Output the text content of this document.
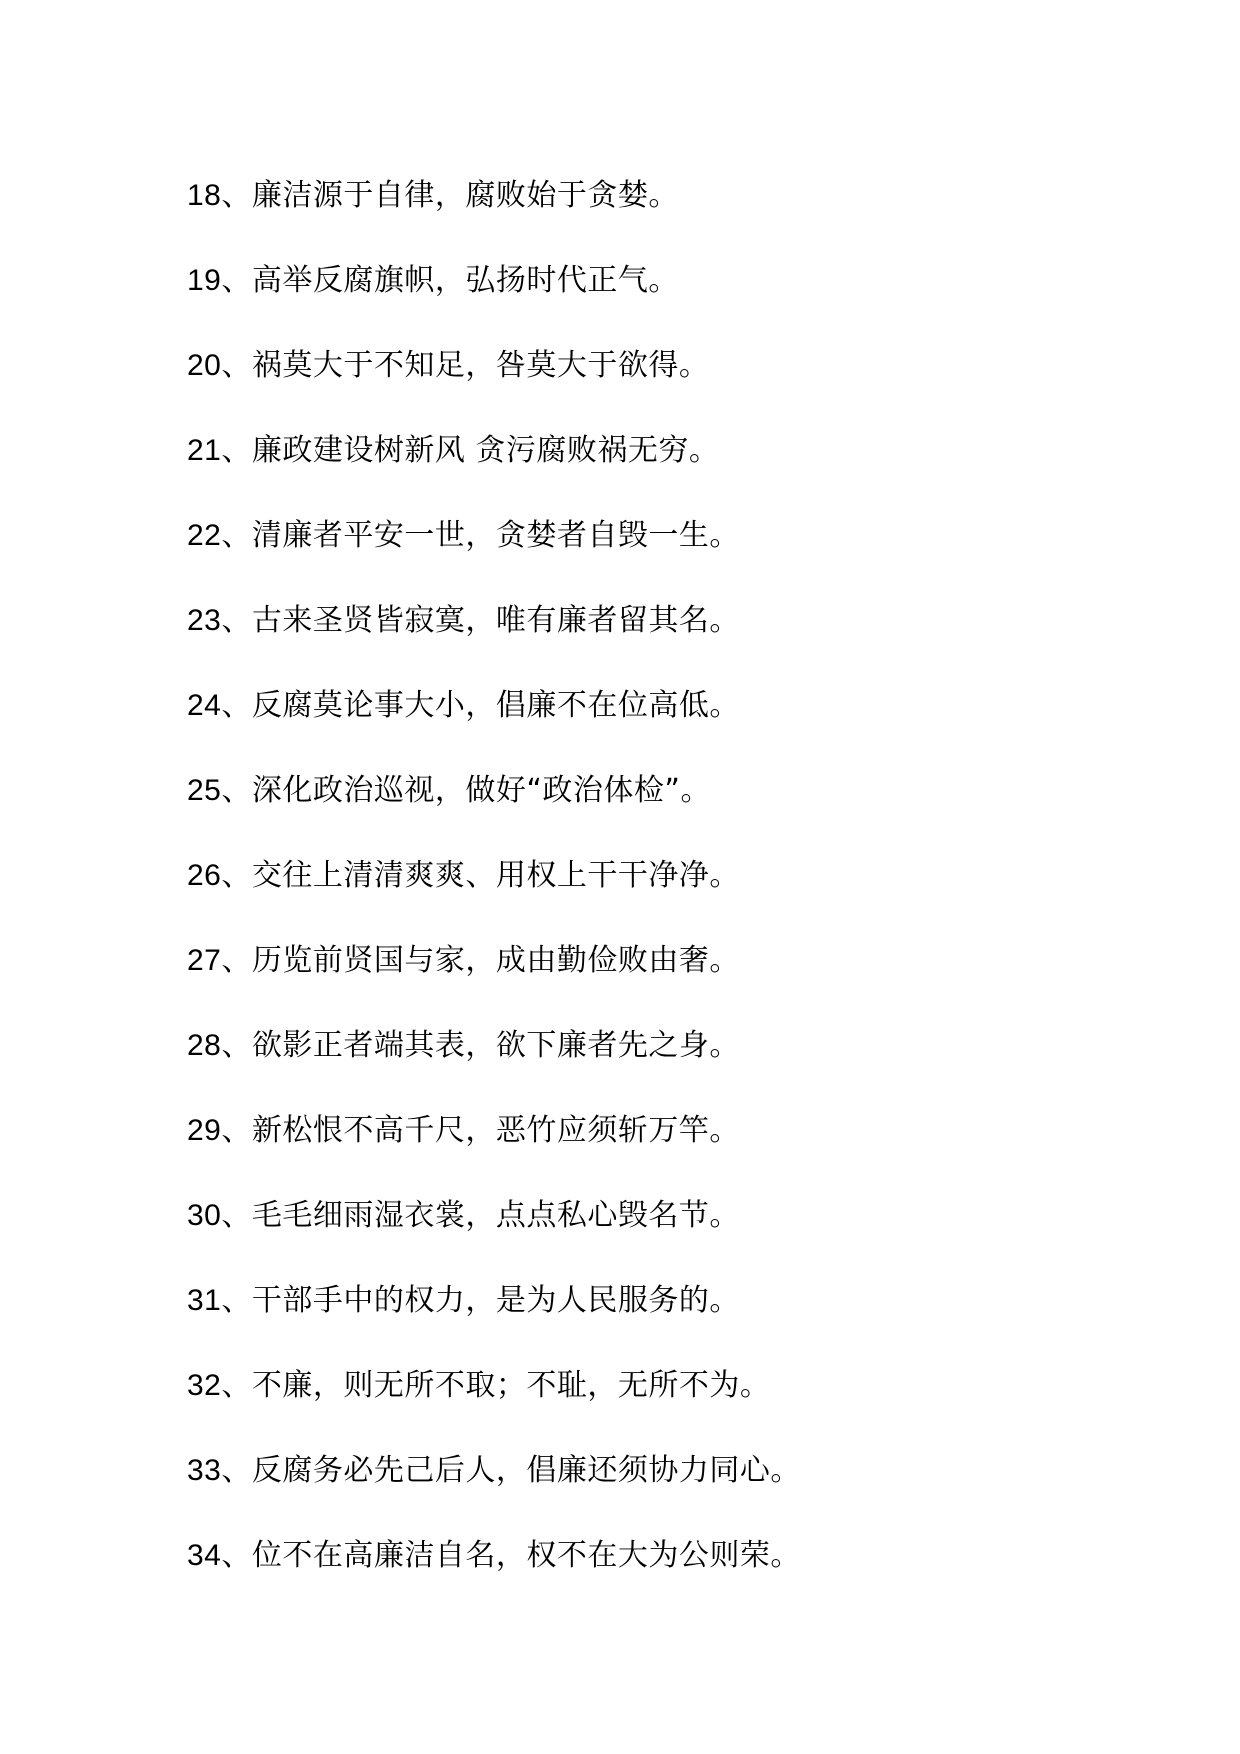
18、廉洁源于自律，腐败始于贪婪。
19、高举反腐旗帜，弘扬时代正气。
20、祸莫大于不知足，咎莫大于欲得。
21、廉政建设树新风 贪污腐败祸无穷。
22、清廉者平安一世，贪婪者自毁一生。
23、古来圣贤皆寂寞，唯有廉者留其名。
24、反腐莫论事大小，倡廉不在位高低。
25、深化政治巡视，做好“政治体检”。
26、交往上清清爽爽、用权上干干净净。
27、历览前贤国与家，成由勤俭败由奢。
28、欲影正者端其表，欲下廉者先之身。
29、新松恨不高千尺，恶竹应须斩万竿。
30、毛毛细雨湿衣裳，点点私心毁名节。
31、干部手中的权力，是为人民服务的。
32、不廉，则无所不取；不耻，无所不为。
33、反腐务必先己后人，倡廉还须协力同心。
34、位不在高廉洁自名，权不在大为公则荣。
